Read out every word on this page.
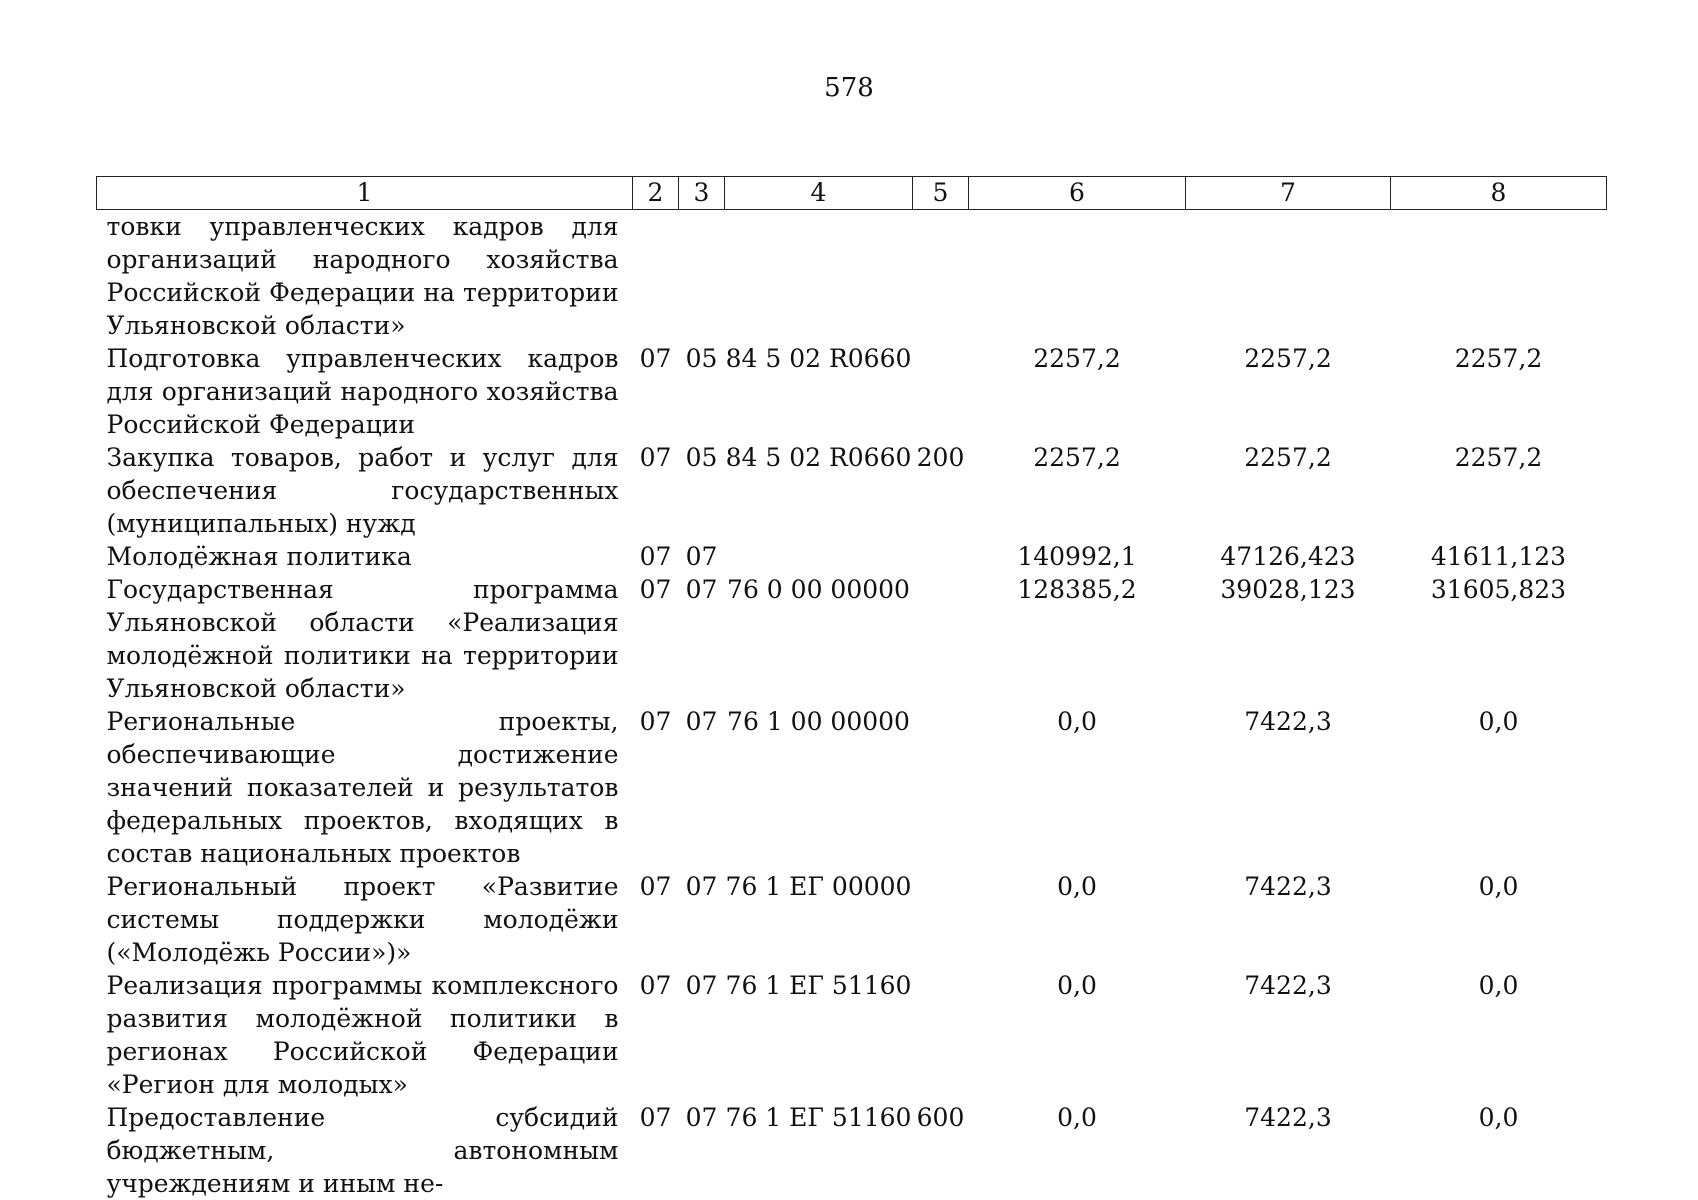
578
1	2	3	4	5	6	7	8
товки управленческих кадров для организаций народного хозяйства Российской Федерации на территории Ульяновской области»							
Подготовка управленческих кадров для организаций народного хозяйства Российской Федерации	07	05	84 5 02 R0660		2257,2	2257,2	2257,2
Закупка товаров, работ и услуг для обеспечения государственных (муниципальных) нужд	07	05	84 5 02 R0660	200	2257,2	2257,2	2257,2
Молодёжная политика	07	07			140992,1	47126,423	41611,123
Государственная программа Ульяновской области «Реализация молодёжной политики на территории Ульяновской области»	07	07	76 0 00 00000		128385,2	39028,123	31605,823
Региональные проекты, обеспечивающие достижение значений показателей и результатов федеральных проектов, входящих в состав национальных проектов	07	07	76 1 00 00000		0,0	7422,3	0,0
Региональный проект «Развитие системы поддержки молодёжи («Молодёжь России»)»	07	07	76 1 ЕГ 00000		0,0	7422,3	0,0
Реализация программы комплексного развития молодёжной политики в регионах Российской Федерации «Регион для молодых»	07	07	76 1 ЕГ 51160		0,0	7422,3	0,0
Предоставление субсидий бюджетным, автономным учреждениям и иным не-	07	07	76 1 ЕГ 51160	600	0,0	7422,3	0,0
